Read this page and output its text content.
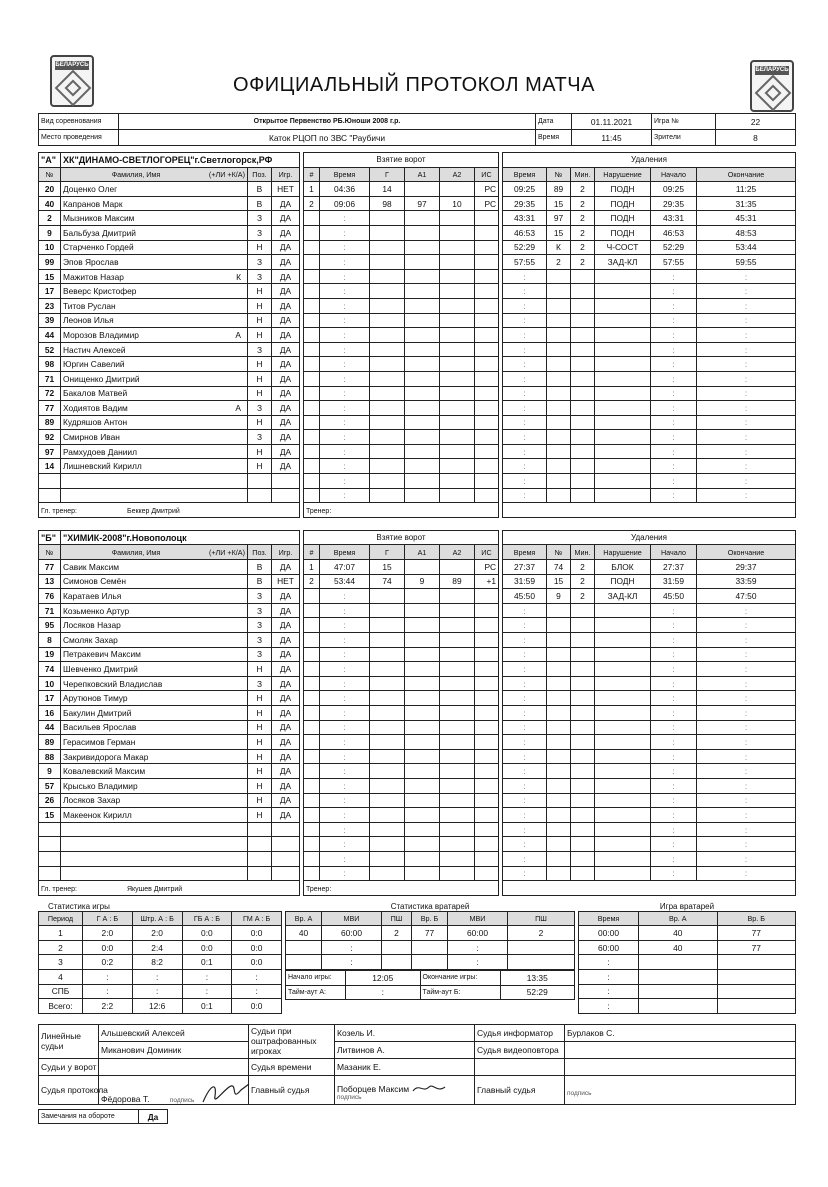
БЕЛАРУСЬ
БЕЛАРУСЬ
ОФИЦИАЛЬНЫЙ ПРОТОКОЛ МАТЧА
Вид соревнования	Открытое Первенство РБ.Юноши 2008 г.р.	Дата	01.11.2021	Игра №	22
Место проведения	Каток РЦОП по ЗВС "Раубичи	Время	11:45	Зрители	8
"А"	ХК"ДИНАМО-СВЕТЛОГОРЕЦ"г.Светлогорск,РФ		
№	Фамилия, Имя (+ЛИ +К/А)	Поз.	Игр.
20	Доценко Олег	В	НЕТ
40	Капранов Марк	В	ДА
2	Мызников Максим	З	ДА
9	Бальбуза Дмитрий	З	ДА
10	Старченко Гордей	Н	ДА
99	Эпов Ярослав	З	ДА
15	Мажитов Назар К	З	ДА
17	Веверс Кристофер	Н	ДА
23	Титов Руслан	Н	ДА
39	Леонов Илья	Н	ДА
44	Морозов Владимир А	Н	ДА
52	Настич Алексей	З	ДА
98	Юргин Савелий	Н	ДА
71	Онищенко Дмитрий	Н	ДА
72	Бакалов Матвей	Н	ДА
77	Ходиятов Вадим А	З	ДА
89	Кудряшов Антон	Н	ДА
92	Смирнов Иван	З	ДА
97	Рамхудоев Даниил	Н	ДА
14	Лишневский Кирилл	Н	ДА

Гл. тренер: Беккер Дмитрий			
Взятие ворот					
#	Время	Г	А1	А2	ИС
1	04:36	14			РС
2	09:06	98	97	10	РС
	:				
	:				
	:				
	:				
	:				
	:				
	:				
	:				
	:				
	:				
	:				
	:				
	:				
	:				
	:				
	:				
	:				
	:				
	:				
	:				
Тренер:					
Удаления					
Время	№	Мин.	Нарушение	Начало	Окончание
09:25	89	2	ПОДН	09:25	11:25
29:35	15	2	ПОДН	29:35	31:35
43:31	97	2	ПОДН	43:31	45:31
46:53	15	2	ПОДН	46:53	48:53
52:29	К	2	Ч-СОСТ	52:29	53:44
57:55	2	2	ЗАД-КЛ	57:55	59:55
:				:	:
:				:	:
:				:	:
:				:	:
:				:	:
:				:	:
:				:	:
:				:	:
:				:	:
:				:	:
:				:	:
:				:	:
:				:	:
:				:	:
:				:	:
:				:	:

"Б"	"ХИМИК-2008"г.Новополоцк		
№	Фамилия, Имя (+ЛИ +К/А)	Поз.	Игр.
77	Савик Максим	В	ДА
13	Симонов Семён	В	НЕТ
76	Каратаев Илья	З	ДА
71	Козьменко Артур	З	ДА
95	Лосяков Назар	З	ДА
8	Смоляк Захар	З	ДА
19	Петракевич Максим	З	ДА
74	Шевченко Дмитрий	Н	ДА
10	Черепковский Владислав	З	ДА
17	Арутюнов Тимур	Н	ДА
16	Бакулин Дмитрий	Н	ДА
44	Васильев Ярослав	Н	ДА
89	Герасимов Герман	Н	ДА
88	Закривидорога Макар	Н	ДА
9	Ковалевский Максим	Н	ДА
57	Крысько Владимир	Н	ДА
26	Лосяков Захар	Н	ДА
15	Макеенок Кирилл	Н	ДА

Гл. тренер: Якушев Дмитрий			
Взятие ворот					
#	Время	Г	А1	А2	ИС
1	47:07	15			РС
2	53:44	74	9	89	+1
	:				
	:				
	:				
	:				
	:				
	:				
	:				
	:				
	:				
	:				
	:				
	:				
	:				
	:				
	:				
	:				
	:				
	:				
	:				
	:				
Тренер:					
Удаления					
Время	№	Мин.	Нарушение	Начало	Окончание
27:37	74	2	БЛОК	27:37	29:37
31:59	15	2	ПОДН	31:59	33:59
45:50	9	2	ЗАД-КЛ	45:50	47:50
:				:	:
:				:	:
:				:	:
:				:	:
:				:	:
:				:	:
:				:	:
:				:	:
:				:	:
:				:	:
:				:	:
:				:	:
:				:	:
:				:	:
:				:	:
:				:	:
:				:	:
:				:	:
:				:	:

Статистика игры
Период	Г А : Б	Штр. А : Б	ГБ А : Б	ГМ А : Б
1	2:0	2:0	0:0	0:0
2	0:0	2:4	0:0	0:0
3	0:2	8:2	0:1	0:0
4	:	:	:	:
СПБ	:	:	:	:
Всего:	2:2	12:6	0:1	0:0
Статистика вратарей
Вр. А	МВИ	ПШ	Вр. Б	МВИ	ПШ
40	60:00	2	77	60:00	2
	:			:	
	:			:	
Начало игры:	12:05	Окончание игры:	13:35
Тайм-аут А:	:	Тайм-аут Б:	52:29
Игра вратарей
Время	Вр. А	Вр. Б
00:00	40	77
60:00	40	77
:		
:		
:		
:		
Линейные судьи	Альшевский Алексей	Судьи при оштрафованных игроках	Козель И.	Судья информатор	Бурлаков С.
	Миканович Доминик		Литвинов А.	Судья видеоповтора	
Судьи у ворот		Судья времени	Мазаник Е.		
Судья протокола	Фёдорова Т. подпись	Главный судья	Поборцев Максим
подпись	Главный судья	подпись
Замечания на обороте	Да
